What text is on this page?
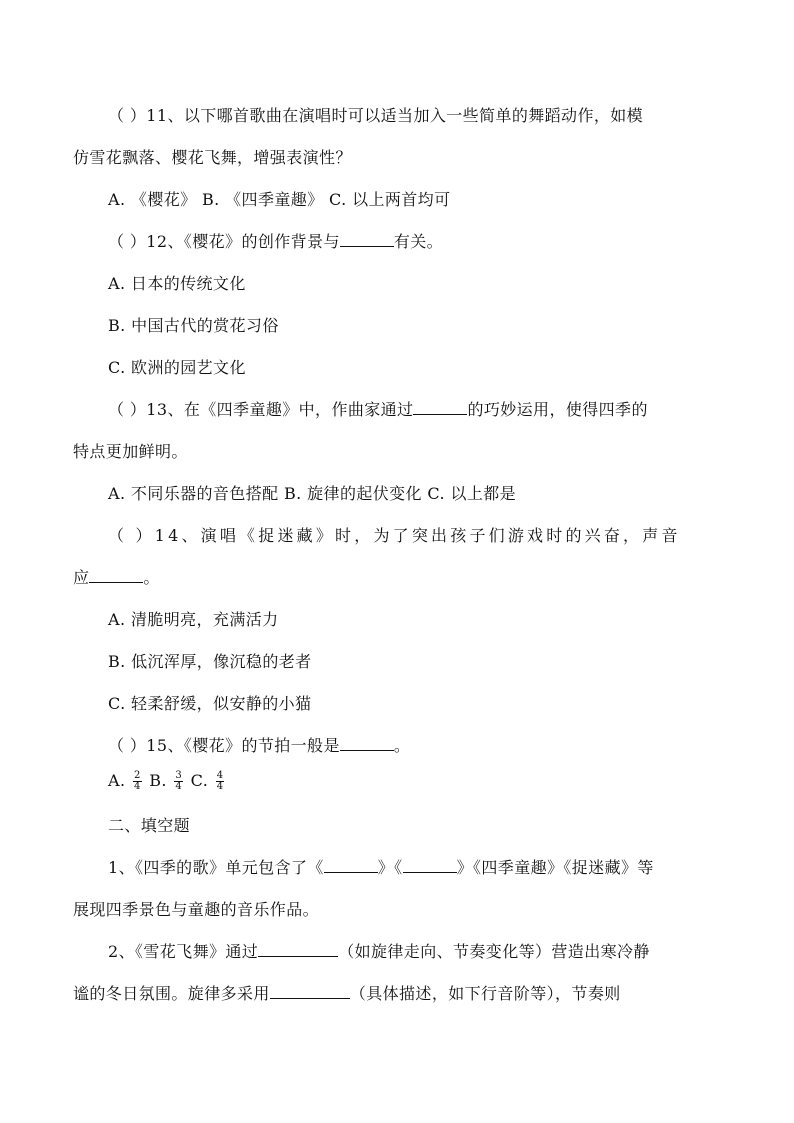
（ ）11、以下哪首歌曲在演唱时可以适当加入一些简单的舞蹈动作，如模
仿雪花飘落、樱花飞舞，增强表演性？
A. 《樱花》 B. 《四季童趣》 C. 以上两首均可
（ ）12、《樱花》的创作背景与	有关。
A. 日本的传统文化
B. 中国古代的赏花习俗
C. 欧洲的园艺文化
（ ）13、在《四季童趣》中，作曲家通过	的巧妙运用，使得四季的
特点更加鲜明。
A. 不同乐器的音色搭配 B. 旋律的起伏变化 C. 以上都是
（ ）14、演唱《捉迷藏》时，为了突出孩子们游戏时的兴奋，声音
应	。
A. 清脆明亮，充满活力
B. 低沉浑厚，像沉稳的老者
C. 轻柔舒缓，似安静的小猫
（ ）15、《樱花》的节拍一般是	。
A. $\frac{2}{4} B$. $\frac{3}{4} C$. $\frac{4}{4}$
二、填空题
1、《四季的歌》单元包含了《	》《	》《四季童趣》《捉迷藏》等
展现四季景色与童趣的音乐作品。
2、《雪花飞舞》通过	（如旋律走向、节奏变化等）营造出寒冷静
谧的冬日氛围。旋律多采用	（具体描述，如下行音阶等），节奏则
